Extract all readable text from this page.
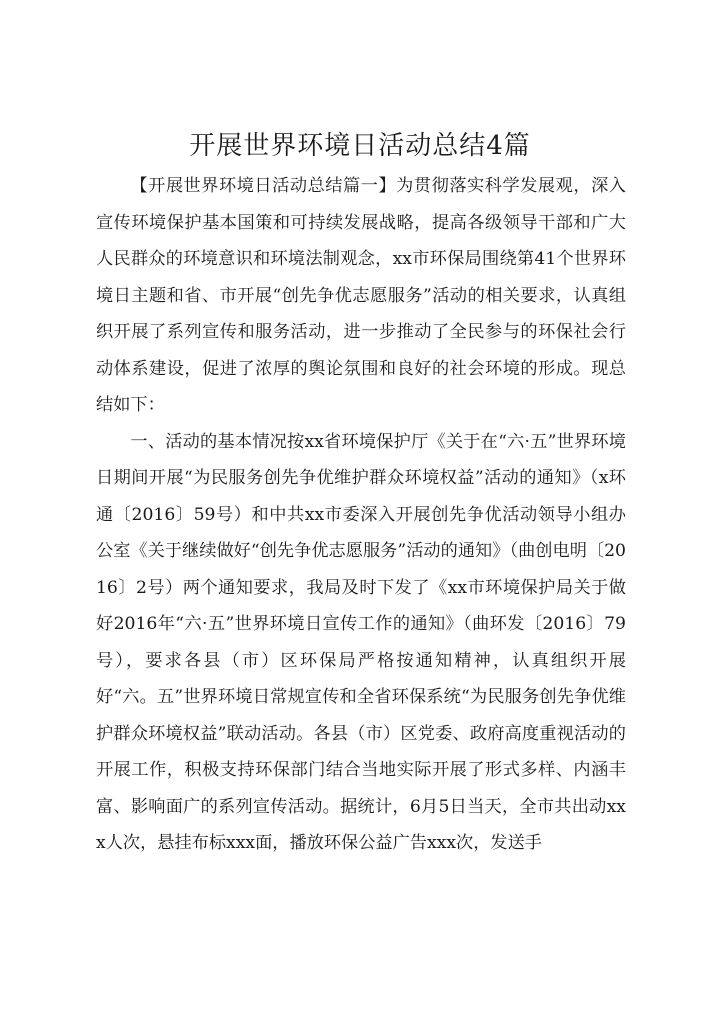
开展世界环境日活动总结4篇

【开展世界环境日活动总结篇一】为贯彻落实科学发展观，深入宣传环境保护基本国策和可持续发展战略，提高各级领导干部和广大人民群众的环境意识和环境法制观念，xx市环保局围绕第41个世界环境日主题和省、市开展“创先争优志愿服务”活动的相关要求，认真组织开展了系列宣传和服务活动，进一步推动了全民参与的环保社会行动体系建设，促进了浓厚的舆论氛围和良好的社会环境的形成。现总结如下：

一、活动的基本情况按xx省环境保护厅《关于在“六·五”世界环境日期间开展“为民服务创先争优维护群众环境权益”活动的通知》（x环通〔2016〕59号）和中共xx市委深入开展创先争优活动领导小组办公室《关于继续做好“创先争优志愿服务”活动的通知》（曲创电明〔2016〕2号）两个通知要求，我局及时下发了《xx市环境保护局关于做好2016年“六·五”世界环境日宣传工作的通知》（曲环发〔2016〕79号），要求各县（市）区环保局严格按通知精神，认真组织开展好“六。五”世界环境日常规宣传和全省环保系统“为民服务创先争优维护群众环境权益”联动活动。各县（市）区党委、政府高度重视活动的开展工作，积极支持环保部门结合当地实际开展了形式多样、内涵丰富、影响面广的系列宣传活动。据统计，6月5日当天，全市共出动xxx人次，悬挂布标xxx面，播放环保公益广告xxx次，发送手
